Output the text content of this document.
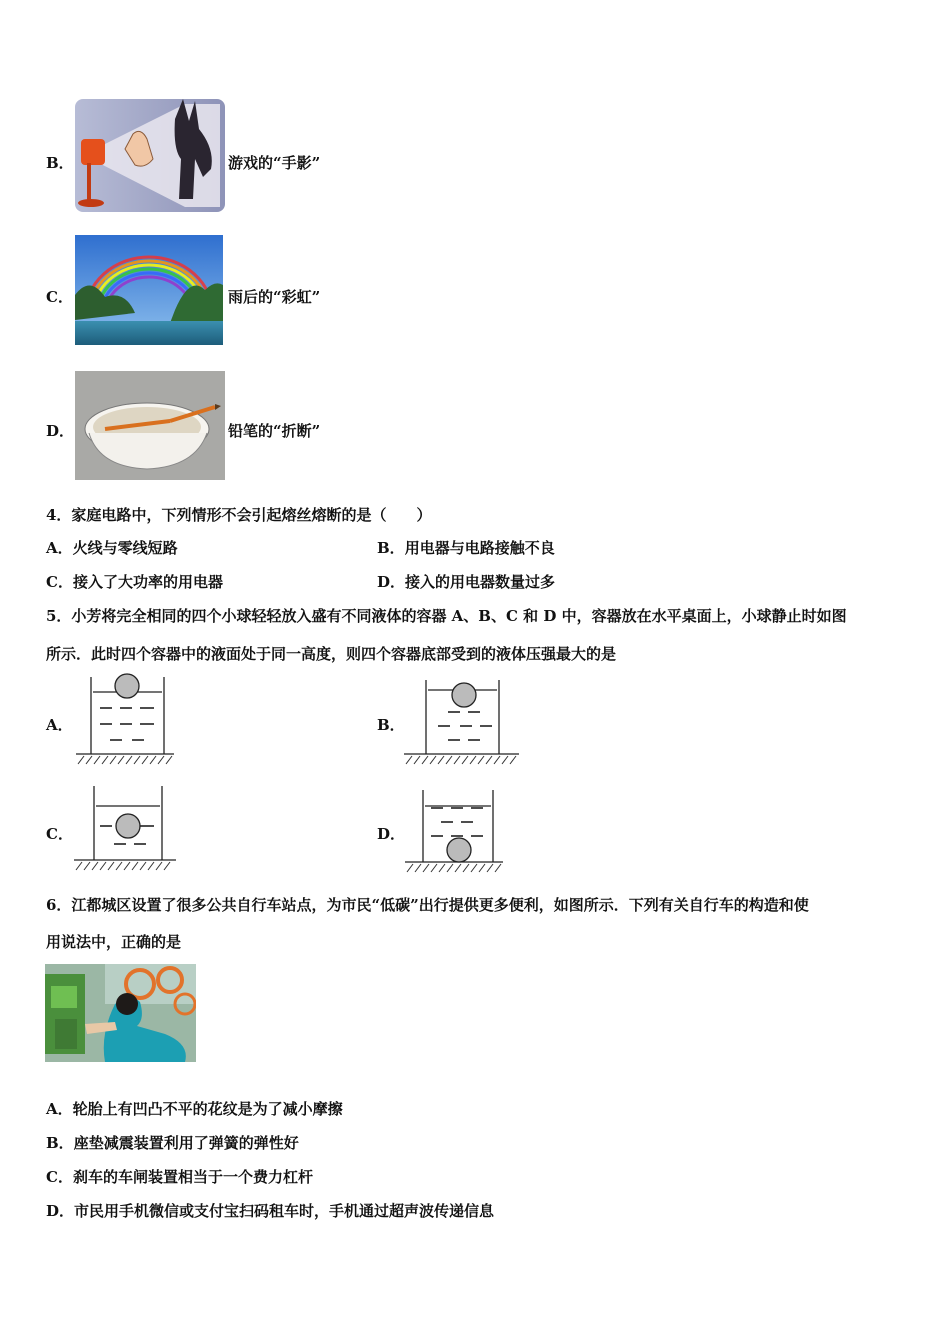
B．	游戏的“手影”
C．	雨后的“彩虹”
D．	铅笔的“折断”
4．家庭电路中，下列情形不会引起熔丝熔断的是（　　）
A．火线与零线短路	B．用电器与电路接触不良
C．接入了大功率的用电器	D．接入的用电器数量过多
5．小芳将完全相同的四个小球轻轻放入盛有不同液体的容器 A、B、C 和 D 中，容器放在水平桌面上，小球静止时如图
所示．此时四个容器中的液面处于同一高度，则四个容器底部受到的液体压强最大的是
A．	B．
C．	D．
6．江都城区设置了很多公共自行车站点，为市民“低碳”出行提供更多便利，如图所示．下列有关自行车的构造和使
用说法中，正确的是
A．轮胎上有凹凸不平的花纹是为了减小摩擦
B．座垫减震装置利用了弹簧的弹性好
C．刹车的车闸装置相当于一个费力杠杆
D．市民用手机微信或支付宝扫码租车时，手机通过超声波传递信息
